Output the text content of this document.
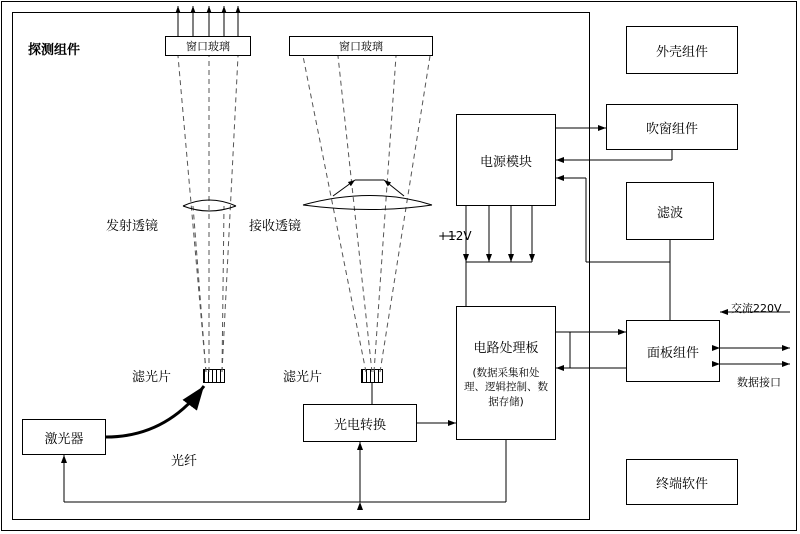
探测组件	窗口玻璃	窗口玻璃
发射透镜	接收透镜
滤光片	滤光片
激光器
光纤
光电转换
电源模块
+12V
电路处理板
(数据采集和处理、逻辑控制、数据存储)
外壳组件
吹窗组件
滤波
面板组件
终端软件
交流220V
数据接口
